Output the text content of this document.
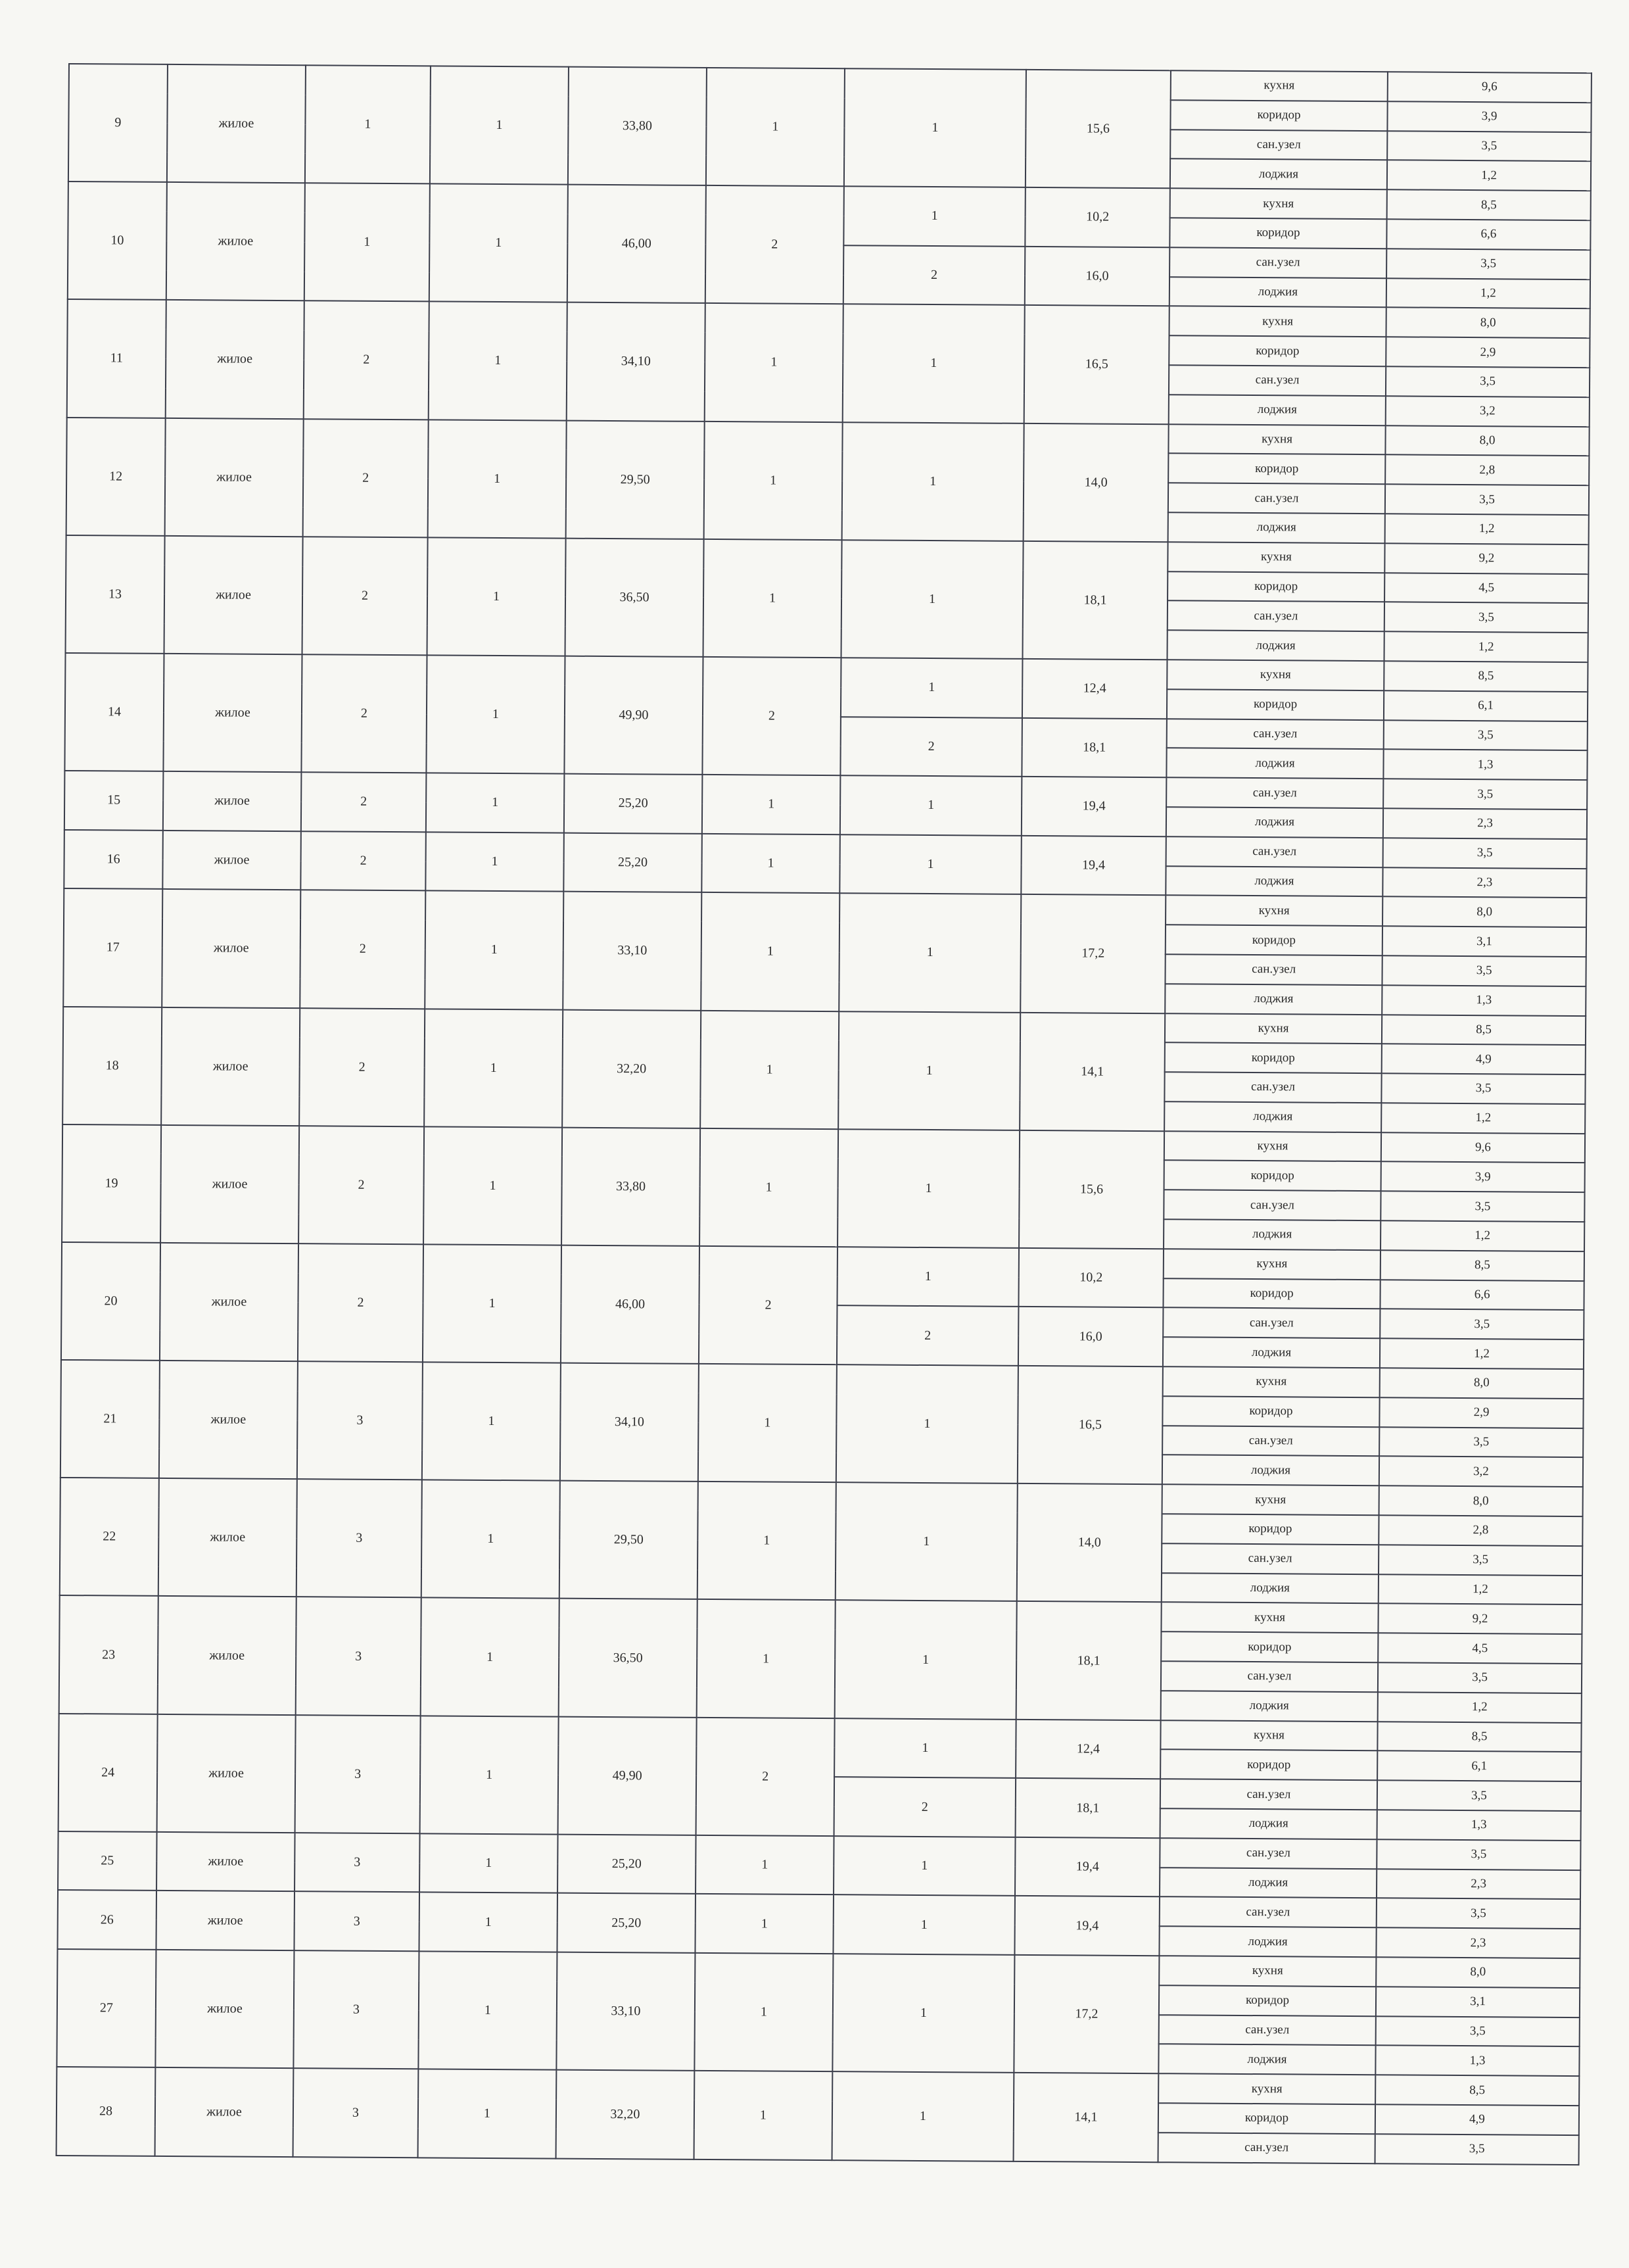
9	жилое	1	1	33,80	1	1	15,6	кухня	9,6
								коридор	3,9
								сан.узел	3,5
								лоджия	1,2
10	жилое	1	1	46,00	2	1	10,2	кухня	8,5
								коридор	6,6
						2	16,0	сан.узел	3,5
								лоджия	1,2
11	жилое	2	1	34,10	1	1	16,5	кухня	8,0
								коридор	2,9
								сан.узел	3,5
								лоджия	3,2
12	жилое	2	1	29,50	1	1	14,0	кухня	8,0
								коридор	2,8
								сан.узел	3,5
								лоджия	1,2
13	жилое	2	1	36,50	1	1	18,1	кухня	9,2
								коридор	4,5
								сан.узел	3,5
								лоджия	1,2
14	жилое	2	1	49,90	2	1	12,4	кухня	8,5
								коридор	6,1
						2	18,1	сан.узел	3,5
								лоджия	1,3
15	жилое	2	1	25,20	1	1	19,4	сан.узел	3,5
								лоджия	2,3
16	жилое	2	1	25,20	1	1	19,4	сан.узел	3,5
								лоджия	2,3
17	жилое	2	1	33,10	1	1	17,2	кухня	8,0
								коридор	3,1
								сан.узел	3,5
								лоджия	1,3
18	жилое	2	1	32,20	1	1	14,1	кухня	8,5
								коридор	4,9
								сан.узел	3,5
								лоджия	1,2
19	жилое	2	1	33,80	1	1	15,6	кухня	9,6
								коридор	3,9
								сан.узел	3,5
								лоджия	1,2
20	жилое	2	1	46,00	2	1	10,2	кухня	8,5
								коридор	6,6
						2	16,0	сан.узел	3,5
								лоджия	1,2
21	жилое	3	1	34,10	1	1	16,5	кухня	8,0
								коридор	2,9
								сан.узел	3,5
								лоджия	3,2
22	жилое	3	1	29,50	1	1	14,0	кухня	8,0
								коридор	2,8
								сан.узел	3,5
								лоджия	1,2
23	жилое	3	1	36,50	1	1	18,1	кухня	9,2
								коридор	4,5
								сан.узел	3,5
								лоджия	1,2
24	жилое	3	1	49,90	2	1	12,4	кухня	8,5
								коридор	6,1
						2	18,1	сан.узел	3,5
								лоджия	1,3
25	жилое	3	1	25,20	1	1	19,4	сан.узел	3,5
								лоджия	2,3
26	жилое	3	1	25,20	1	1	19,4	сан.узел	3,5
								лоджия	2,3
27	жилое	3	1	33,10	1	1	17,2	кухня	8,0
								коридор	3,1
								сан.узел	3,5
								лоджия	1,3
28	жилое	3	1	32,20	1	1	14,1	кухня	8,5
								коридор	4,9
								сан.узел	3,5
